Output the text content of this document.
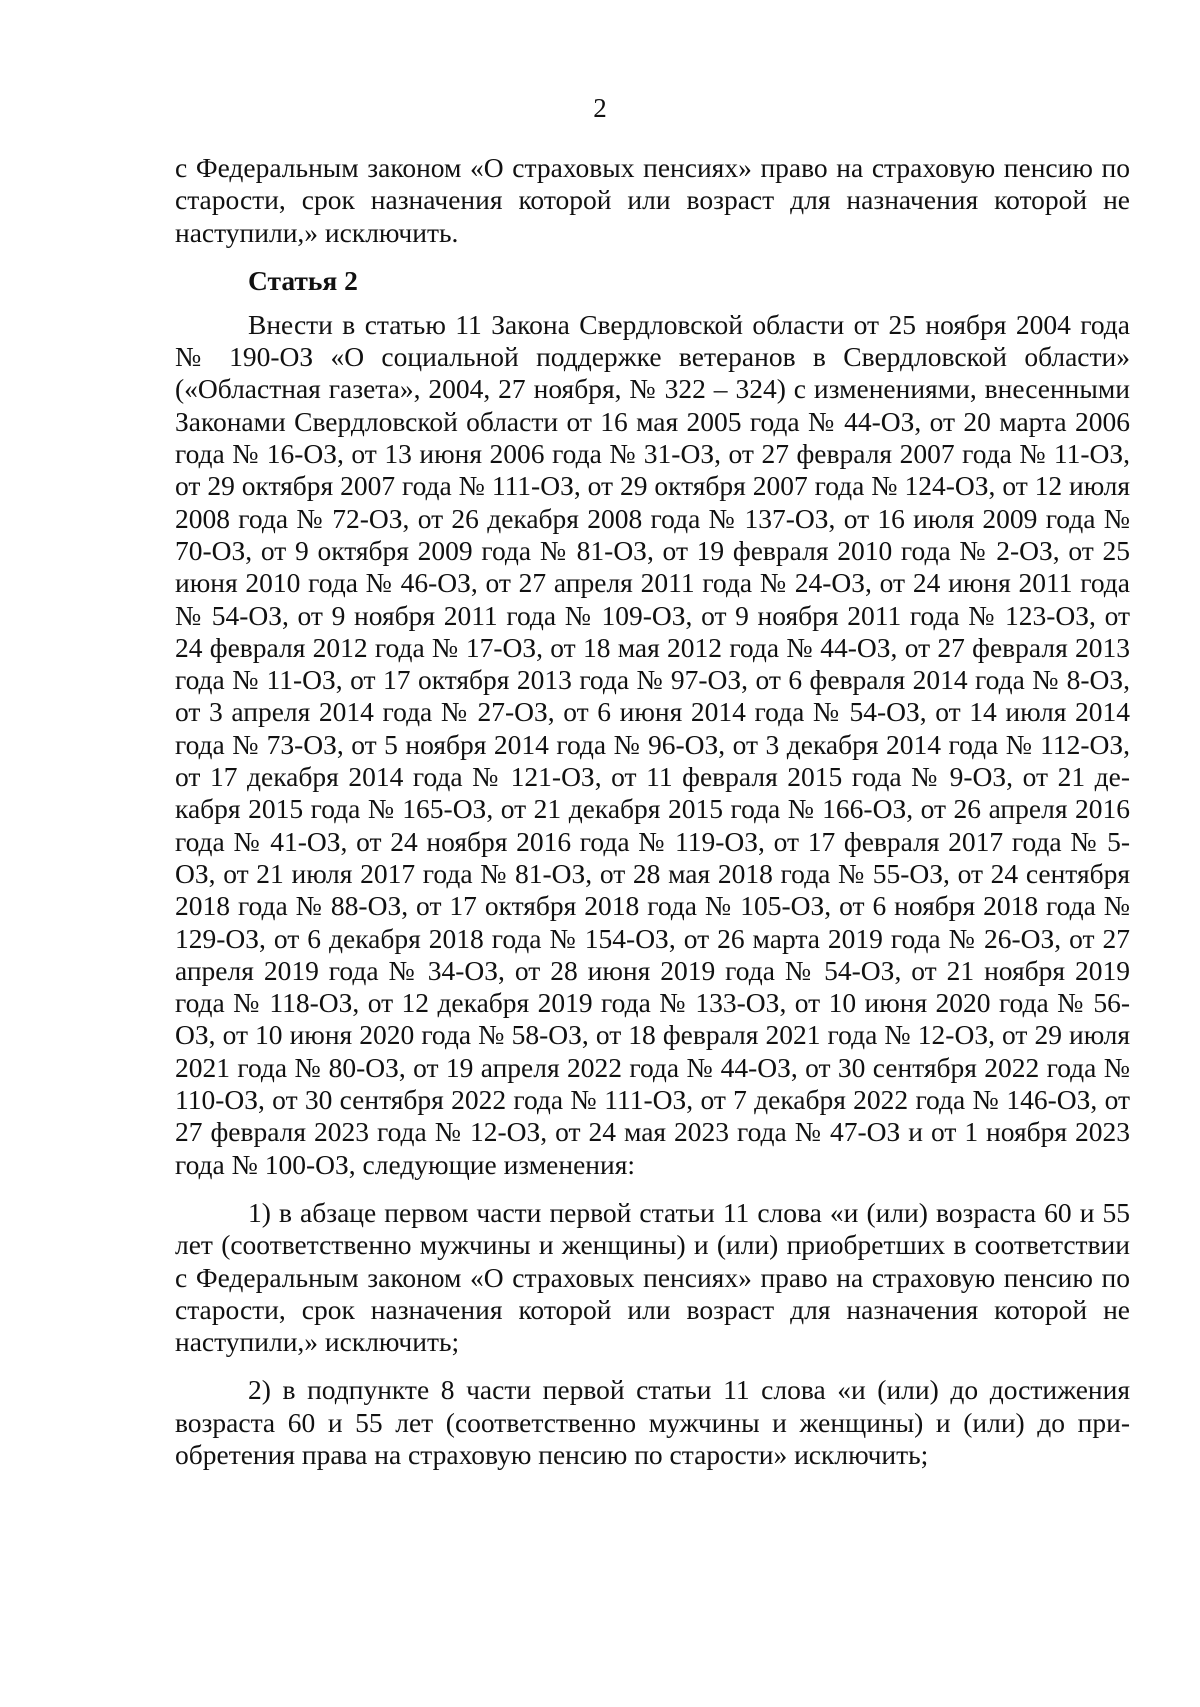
2

с Федеральным законом «О страховых пенсиях» право на страховую пенсию по старости, срок назначения которой или возраст для назначения которой не наступили,» исключить.

Статья 2

Внести в статью 11 Закона Свердловской области от 25 ноября 2004 года № 190-ОЗ «О социальной поддержке ветеранов в Свердловской области» («Областная газета», 2004, 27 ноября, № 322 – 324) с изменениями, внесенными Законами Свердловской области от 16 мая 2005 года № 44-ОЗ, от 20 марта 2006 года № 16-ОЗ, от 13 июня 2006 года № 31-ОЗ, от 27 февраля 2007 года № 11-ОЗ, от 29 октября 2007 года № 111-ОЗ, от 29 октября 2007 года № 124-ОЗ, от 12 июля 2008 года № 72-ОЗ, от 26 декабря 2008 года № 137-ОЗ, от 16 июля 2009 года № 70-ОЗ, от 9 октября 2009 года № 81-ОЗ, от 19 февраля 2010 года № 2-ОЗ, от 25 июня 2010 года № 46-ОЗ, от 27 апреля 2011 года № 24-ОЗ, от 24 июня 2011 года № 54-ОЗ, от 9 ноября 2011 года № 109-ОЗ, от 9 ноября 2011 года № 123-ОЗ, от 24 февраля 2012 года № 17-ОЗ, от 18 мая 2012 года № 44-ОЗ, от 27 февраля 2013 года № 11-ОЗ, от 17 октября 2013 года № 97-ОЗ, от 6 февраля 2014 года № 8-ОЗ, от 3 апреля 2014 года № 27-ОЗ, от 6 июня 2014 года № 54-ОЗ, от 14 июля 2014 года № 73-ОЗ, от 5 ноября 2014 года № 96-ОЗ, от 3 декабря 2014 года № 112-ОЗ, от 17 декабря 2014 года № 121-ОЗ, от 11 февраля 2015 года № 9-ОЗ, от 21 декабря 2015 года № 165-ОЗ, от 21 декабря 2015 года № 166-ОЗ, от 26 апреля 2016 года № 41-ОЗ, от 24 ноября 2016 года № 119-ОЗ, от 17 февраля 2017 года № 5-ОЗ, от 21 июля 2017 года № 81-ОЗ, от 28 мая 2018 года № 55-ОЗ, от 24 сентября 2018 года № 88-ОЗ, от 17 октября 2018 года № 105-ОЗ, от 6 ноября 2018 года № 129-ОЗ, от 6 декабря 2018 года № 154-ОЗ, от 26 марта 2019 года № 26-ОЗ, от 27 апреля 2019 года № 34-ОЗ, от 28 июня 2019 года № 54-ОЗ, от 21 ноября 2019 года № 118-ОЗ, от 12 декабря 2019 года № 133-ОЗ, от 10 июня 2020 года № 56-ОЗ, от 10 июня 2020 года № 58-ОЗ, от 18 февраля 2021 года № 12-ОЗ, от 29 июля 2021 года № 80-ОЗ, от 19 апреля 2022 года № 44-ОЗ, от 30 сентября 2022 года № 110-ОЗ, от 30 сентября 2022 года № 111-ОЗ, от 7 декабря 2022 года № 146-ОЗ, от 27 февраля 2023 года № 12-ОЗ, от 24 мая 2023 года № 47-ОЗ и от 1 ноября 2023 года № 100-ОЗ, следующие изменения:

1) в абзаце первом части первой статьи 11 слова «и (или) возраста 60 и 55 лет (соответственно мужчины и женщины) и (или) приобретших в соответствии с Федеральным законом «О страховых пенсиях» право на страховую пенсию по старости, срок назначения которой или возраст для назначения которой не наступили,» исключить;

2) в подпункте 8 части первой статьи 11 слова «и (или) до достижения возраста 60 и 55 лет (соответственно мужчины и женщины) и (или) до приобретения права на страховую пенсию по старости» исключить;
